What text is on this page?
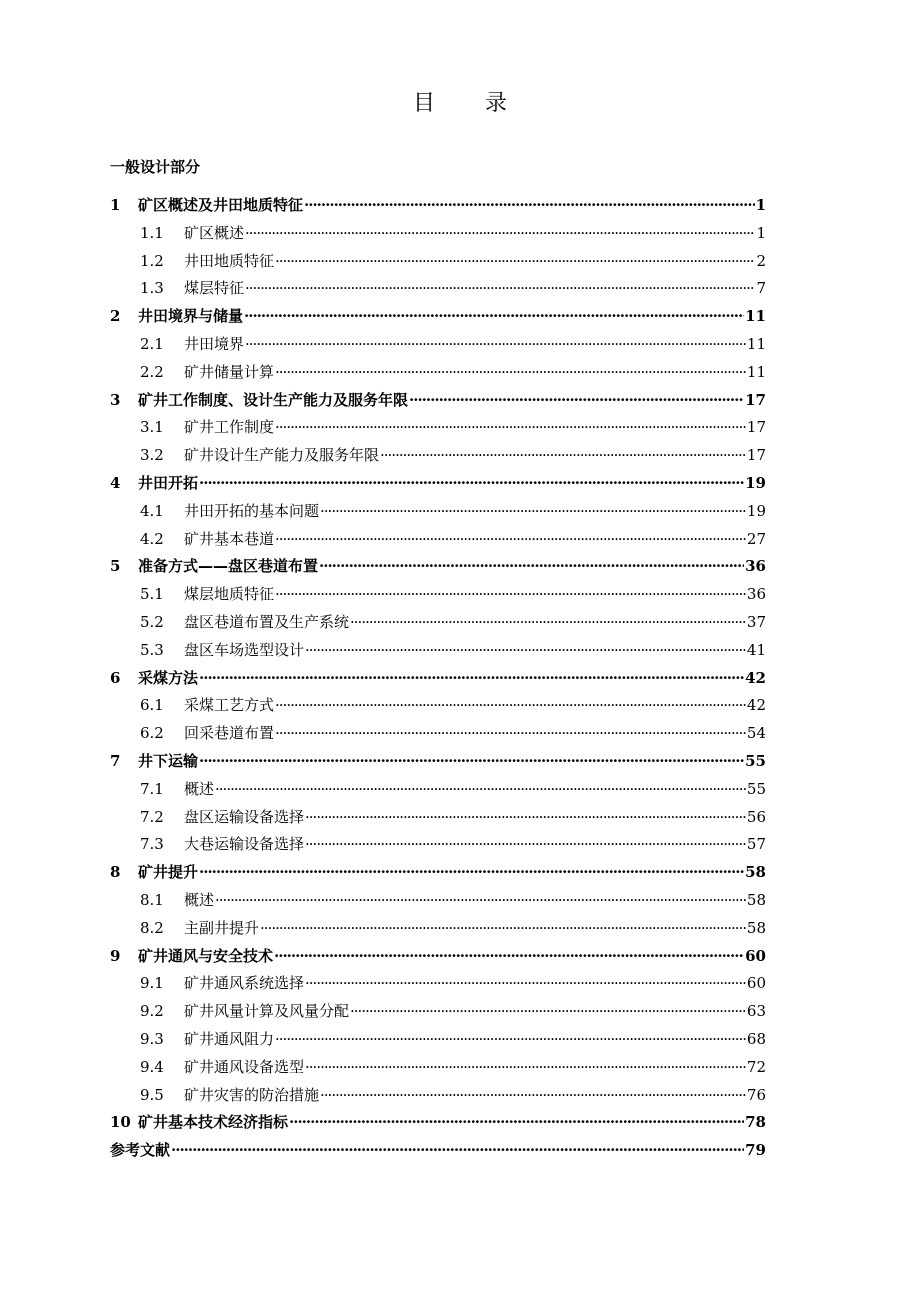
目 录
一般设计部分
1	矿区概述及井田地质特征 ·····	1
1.1	矿区概述 ·····	1
1.2	井田地质特征 ·····	2
1.3	煤层特征 ·····	7
2	井田境界与储量 ·····	11
2.1	井田境界 ·····	11
2.2	矿井储量计算 ·····	11
3	矿井工作制度、设计生产能力及服务年限 ·····	17
3.1	矿井工作制度 ·····	17
3.2	矿井设计生产能力及服务年限 ·····	17
4	井田开拓 ·····	19
4.1	井田开拓的基本问题 ·····	19
4.2	矿井基本巷道 ·····	27
5	准备方式——盘区巷道布置 ·····	36
5.1	煤层地质特征 ·····	36
5.2	盘区巷道布置及生产系统 ·····	37
5.3	盘区车场选型设计 ·····	41
6	采煤方法 ·····	42
6.1	采煤工艺方式 ·····	42
6.2	回采巷道布置 ·····	54
7	井下运输 ·····	55
7.1	概述 ·····	55
7.2	盘区运输设备选择 ·····	56
7.3	大巷运输设备选择 ·····	57
8	矿井提升 ·····	58
8.1	概述 ·····	58
8.2	主副井提升 ·····	58
9	矿井通风与安全技术 ·····	60
9.1	矿井通风系统选择 ·····	60
9.2	矿井风量计算及风量分配 ·····	63
9.3	矿井通风阻力 ·····	68
9.4	矿井通风设备选型 ·····	72
9.5	矿井灾害的防治措施 ·····	76
10 矿井基本技术经济指标 ·····	78
参考文献 ·····	79
